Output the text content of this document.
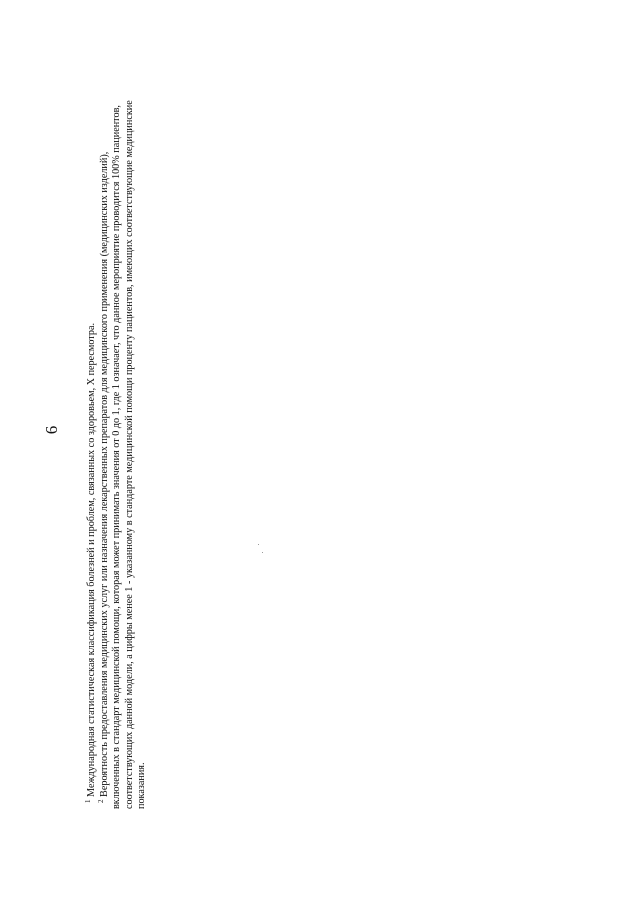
6
$^1$ Международная статистическая классификация болезней и проблем, связанных со здоровьем, X пересмотра.
$^2$ Вероятность предоставления медицинских услуг или назначения лекарственных препаратов для медицинского применения (медицинских изделий), включенных в стандарт медицинской помощи, которая может принимать значения от 0 до 1, где 1 означает, что данное мероприятие проводится 100% пациентов, соответствующих данной модели, а цифры менее 1 - указанному в стандарте медицинской помощи проценту пациентов, имеющих соответствующие медицинские показания.
